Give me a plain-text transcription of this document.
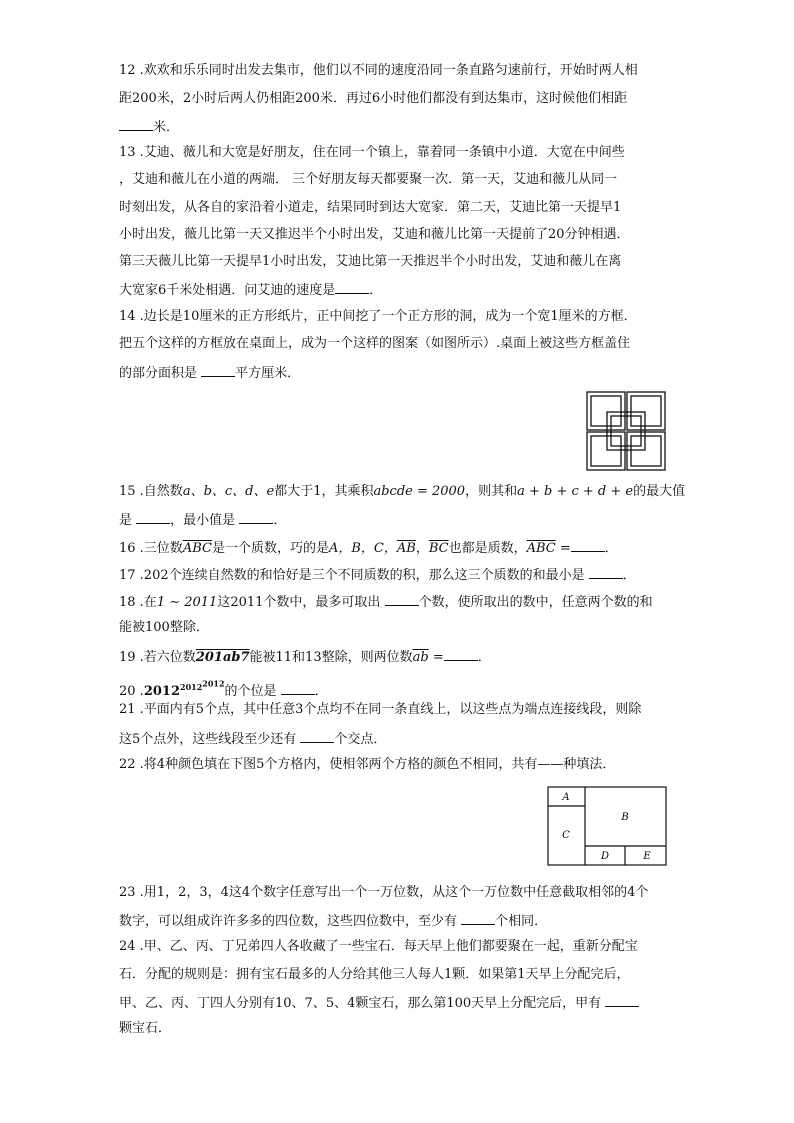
12 .欢欢和乐乐同时出发去集市，他们以不同的速度沿同一条直路匀速前行，开始时两人相
距200米，2小时后两人仍相距200米．再过6小时他们都没有到达集市，这时候他们相距
米．
13 .艾迪、薇儿和大宽是好朋友，住在同一个镇上，靠着同一条镇中小道．大宽在中间些
，艾迪和薇儿在小道的两端． 三个好朋友每天都要聚一次．第一天，艾迪和薇儿从同一
时刻出发，从各自的家沿着小道走，结果同时到达大宽家．第二天，艾迪比第一天提早1
小时出发，薇儿比第一天又推迟半个小时出发，艾迪和薇儿比第一天提前了20分钟相遇．
第三天薇儿比第一天提早1小时出发，艾迪比第一天推迟半个小时出发，艾迪和薇儿在离
大宽家6千米处相遇．问艾迪的速度是	．
14 .边长是10厘米的正方形纸片，正中间挖了一个正方形的洞，成为一个宽1厘米的方框．
把五个这样的方框放在桌面上，成为一个这样的图案（如图所示）.桌面上被这些方框盖住
的部分面积是	平方厘米．
15 .自然数a、b、c、d、e都大于1，其乘积abcde = 2000，则其和a + b + c + d + e的最大值
是	，最小值是	．
16 .三位数$\overline{ABC}$是一个质数，巧的是A，B，C，$\overline{AB}$，$\overline{BC}$也都是质数，$\overline{ABC}$ =	．
17 .202个连续自然数的和恰好是三个不同质数的积，那么这三个质数的和最小是	．
18 .在1 ∼ 2011这2011个数中，最多可取出	个数，使所取出的数中，任意两个数的和
能被100整除．
19 .若六位数201ab7能被11和13整除，则两位数$\overline{ab}$ =	．
20 $.2012^{2012^{2012}}$的个位是	．
21 .平面内有5个点，其中任意3个点均不在同一条直线上，以这些点为端点连接线段，则除
这5个点外，这些线段至少还有	个交点．
22 .将4种颜色填在下图5个方格内，使相邻两个方格的颜色不相同，共有——种填法．
A
B
C
D	E
23 .用1，2，3，4这4个数字任意写出一个一万位数，从这个一万位数中任意截取相邻的4个
数字，可以组成许许多多的四位数，这些四位数中，至少有	个相同．
24 .甲、乙、丙、丁兄弟四人各收藏了一些宝石．每天早上他们都要聚在一起，重新分配宝
石．分配的规则是：拥有宝石最多的人分给其他三人每人1颗．如果第1天早上分配完后，
甲、乙、丙、丁四人分别有10、7、5、4颗宝石，那么第100天早上分配完后，甲有
颗宝石．
